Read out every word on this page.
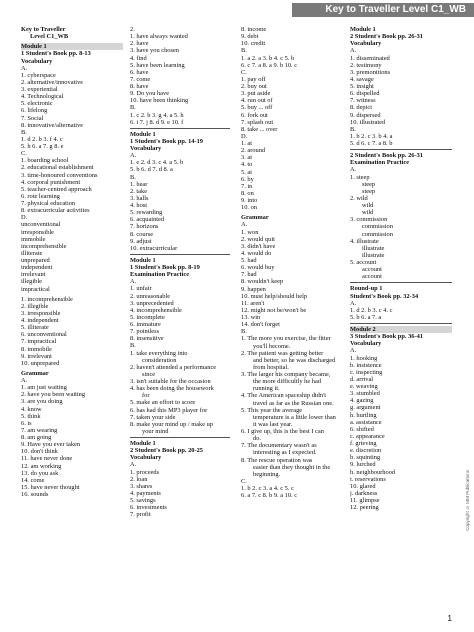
Key to Traveller Level C1_WB
Key to Traveller
Level C1_WB
Module 1
1 Student's Book pp. 8-13
Vocabulary
A.
1. cyberspace
2. alternative/innovative
3. experiential
4. Technological
5. electronic
6. lifelong
7. Social
8. innovative/alternative
B.
1. d 2. b 3. f 4. c
5. h 6. a 7. g 8. e
C.
1. boarding school
2. educational establishment
3. time-honoured conventions
4. corporal punishment
5. teacher-centred approach
6. rote learning
7. physical education
8. extracurricular activities
D.
unconventional
irresponsible
immobile
incomprehensible
illiterate
unprepared
independent
irrelevant
illegible
impractical
1. incomprehensible
2. illegible
3. irresponsible
4. independent
5. illiterate
6. unconventional
7. impractical
8. immobile
9. irrelevant
10. unprepared
Grammar
A.
1. am just waiting
2. have you been waiting
3. are you doing
4. know
5. think
6. is
7. am wearing
8. am going
9. Have you ever taken
10. don't think
11. have never done
12. am working
13. do you ask
14. come
15. have never thought
16. sounds
2.
1. have always wanted
2. have
3. have you chosen
4. find
5. have been learning
6. have
7. come
8. have
9. Do you have
10. have been thinking
B.
1. c 2. b 3. g 4. a 5. h
6. i 7. j 8. d 9. e 10. f
Module 1
1 Student's Book pp. 14-19
Vocabulary
A.
1. e 2. d 3. c 4. a 5. b
5. b 6. d 7. d 8. a
B.
1. hear
2. take
3. halls
4. host
5. rewarding
6. acquainted
7. horizons
8. course
9. adjust
10. extracurricular
Module 1
1 Student's Book pp. 8-19
Examination Practice
A.
1. unfair
2. unreasonable
3. unprecedented
4. incomprehensible
5. incomplete
6. immature
7. pointless
8. insensitive
B.
1. take everything into
consideration
2. haven't attended a performance
since
3. isn't suitable for the occasion
4. has been doing the housework
for
5. make an effort to score
6. has had this MP3 player for
7. taken your side
8. make your mind up / make up
your mind
Module 1
2 Student's Book pp. 20-25
Vocabulary
A.
1. proceeds
2. loan
3. shares
4. payments
5. savings
6. investments
7. profit
8. income
9. debt
10. credit
B.
1. a 2. a 3. b 4. c 5. b
6. c 7. a 8. a 9. b 10. c
C.
1. pay off
2. buy out
3. put aside
4. run out of
5. buy ... off
6. fork out
7. splash out
8. take ... over
D.
1. at
2. around
3. at
4. to
5. at
6. by
7. in
8. on
9. into
10. on
Grammar
A.
1. won
2. would quit
3. didn't have
4. would do
5. had
6. would buy
7. had
8. wouldn't keep
9. happen
10. must help/should help
11. aren't
12. might not be/won't be
13. win
14. don't forget
B.
1. The more you exercise, the fitter
you'll become.
2. The patient was getting better
and better, so he was discharged
from hospital.
3. The larger his company became,
the more difficultly he had
running it.
4. The American spaceship didn't
travel as far as the Russian one.
5. This year the average
temperature is a little lower than
it was last year.
6. I give up, this is the best I can
do.
7. The documentary wasn't as
interesting as I expected.
8. The rescue operation was
easier than they thought in the
beginning.
C.
1. b 2. c 3. a 4. c 5. c
6. a 7. c 8. b 9. a 10. c
Module 1
2 Student's Book pp. 26-31
Vocabulary
A.
1. disseminated
2. testimony
3. premonitions
4. savage
5. insight
6. dispelled
7. witness
8. depict
9. dispersed
10. illustrated
B.
1. b 2. c 3. b 4. a
5. d 6. c 7. a 8. b
2 Student's Book pp. 26-31
Examination Practice
A.
1. steep
steep
steep
2. wild
wild
wild
3. commission
commission
commission
4. illustrate
illustrate
illustrate
5. account
account
account
Round-up 1
Student's Book pp. 32-34
A.
1. d 2. b 3. c 4. c
5. b 6. a 7. a
Module 2
3 Student's Book pp. 36-41
Vocabulary
A.
1. hooking
b. insistence
c. inspecting
d. arrival
e. weaving
3. stumbled
4. gazing
g. argument
h. hurtling
a. assistance
6. shifted
c. appearance
f. grieving
e. discretion
b. squinting
9. lurched
h. neighbourhood
i. reservations
10. glared
j. darkness
11. glimpse
12. peering	Copyright © MM Publications
1
